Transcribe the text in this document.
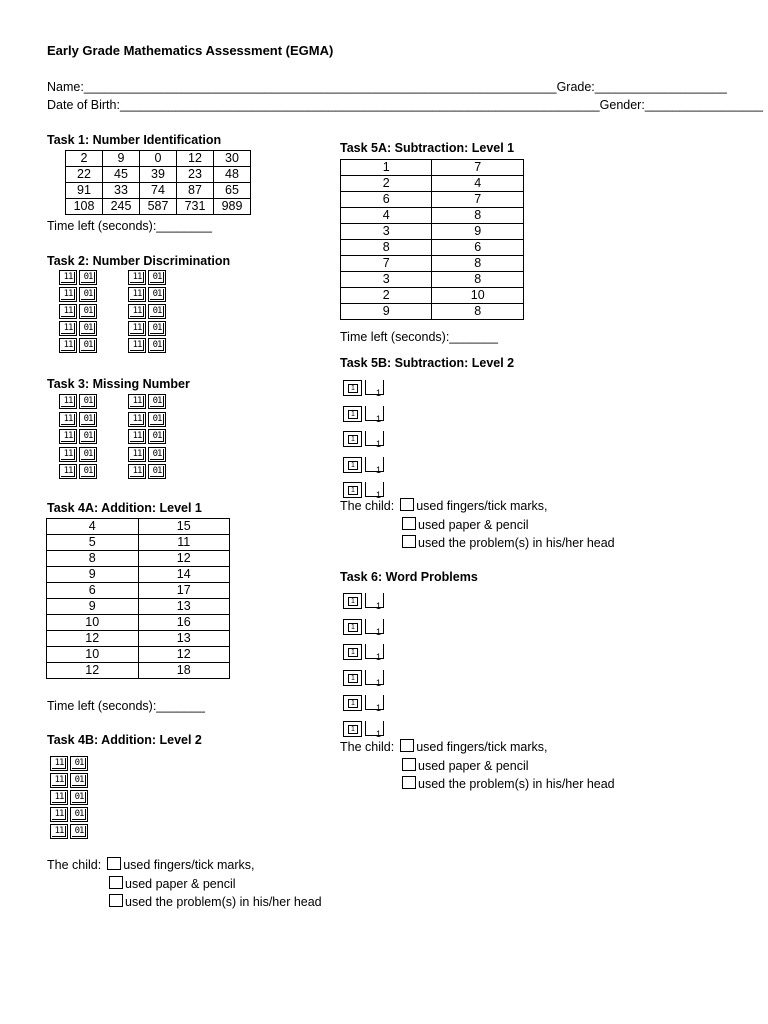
Early Grade Mathematics Assessment (EGMA)
Name:____________________________________________________________________Grade:___________________
Date of Birth:_____________________________________________________________________Gender:_________________
Task 1: Number Identification
2	9	0	12	30
22	45	39	23	48
91	33	74	87	65
108	245	587	731	989
Time left (seconds):________
Task 2: Number Discrimination
11	01	11	01
11	01	11	01
11	01	11	01
11	01	11	01
11	01	11	01
Task 3: Missing Number
11	01	11	01
11	01	11	01
11	01	11	01
11	01	11	01
11	01	11	01
Task 4A: Addition: Level 1
4	15
5	11
8	12
9	14
6	17
9	13
10	16
12	13
10	12
12	18
Time left (seconds):_______
Task 4B: Addition: Level 2
11	01
11	01
11	01
11	01
11	01
The child: used fingers/tick marks,
used paper & pencil
used the problem(s) in his/her head
Task 5A: Subtraction: Level 1
1	7
2	4
6	7
4	8
3	9
8	6
7	8
3	8
2	10
9	8
Time left (seconds):_______
Task 5B: Subtraction: Level 2
1	1
1	1
1	1
1	1
1	1
The child: used fingers/tick marks,
used paper & pencil
used the problem(s) in his/her head
Task 6: Word Problems
1	1
1	1
1	1
1	1
1	1
1	1
The child: used fingers/tick marks,
used paper & pencil
used the problem(s) in his/her head
